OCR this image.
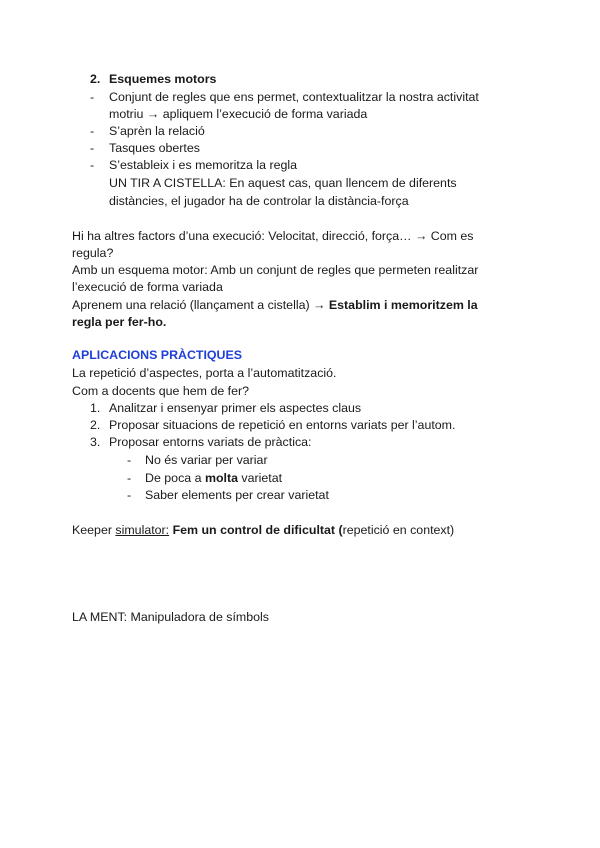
2. Esquemes motors
- Conjunt de regles que ens permet, contextualitzar la nostra activitat
motriu → apliquem l’execució de forma variada
- S’aprèn la relació
- Tasques obertes
- S’estableix i es memoritza la regla
UN TIR A CISTELLA: En aquest cas, quan llencem de diferents
distàncies, el jugador ha de controlar la distància-força
Hi ha altres factors d’una execució: Velocitat, direcció, força… → Com es
regula?
Amb un esquema motor: Amb un conjunt de regles que permeten realitzar
l’execució de forma variada
Aprenem una relació (llançament a cistella) → Establim i memoritzem la
regla per fer-ho.
APLICACIONS PRÀCTIQUES
La repetició d’aspectes, porta a l’automatització.
Com a docents que hem de fer?
1. Analitzar i ensenyar primer els aspectes claus
2. Proposar situacions de repetició en entorns variats per l’autom.
3. Proposar entorns variats de pràctica:
- No és variar per variar
- De poca a molta varietat
- Saber elements per crear varietat
Keeper simulator: Fem un control de dificultat (repetició en context)
LA MENT: Manipuladora de símbols
